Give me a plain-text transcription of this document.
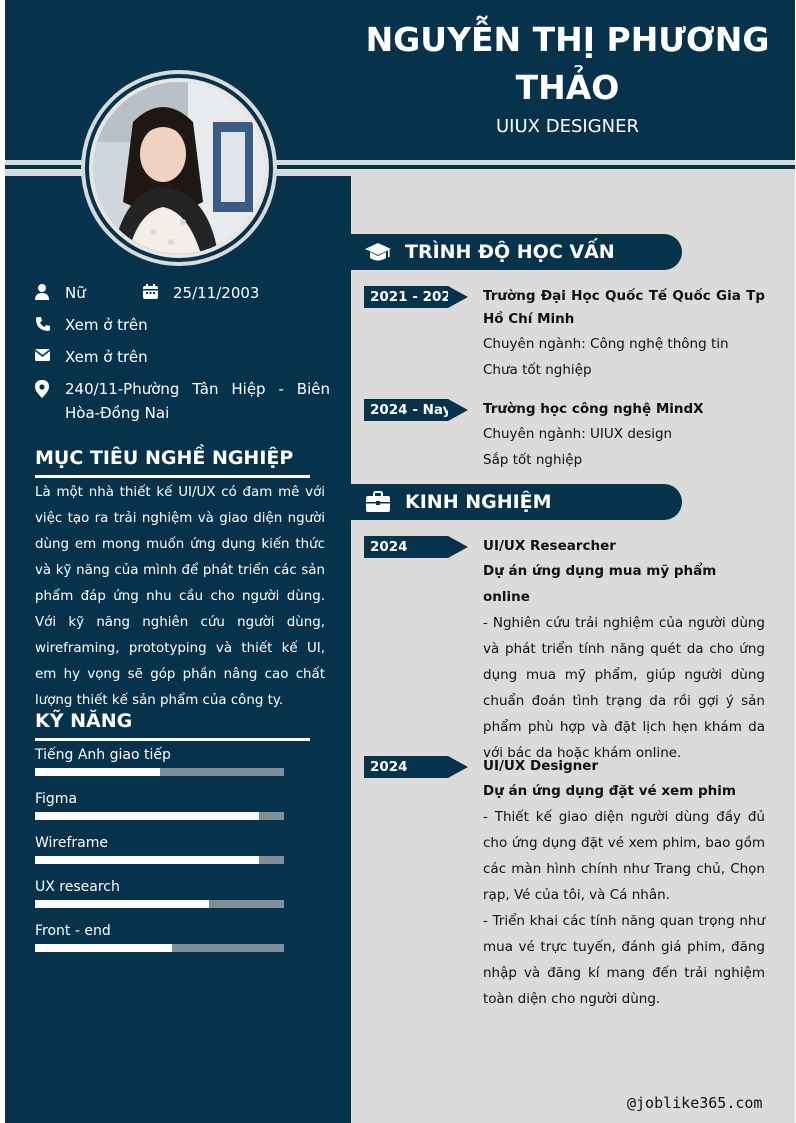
NGUYỄN THỊ PHƯƠNG
THẢO
UIUX DESIGNER
Nữ	25/11/2003
Xem ở trên
Xem ở trên
240/11-Phường Tân Hiệp - Biên Hòa-Đồng Nai
MỤC TIÊU NGHỀ NGHIỆP
Là một nhà thiết kế UI/UX có đam mê với việc tạo ra trải nghiệm và giao diện người dùng em mong muốn ứng dụng kiến thức và kỹ năng của mình để phát triển các sản phẩm đáp ứng nhu cầu cho người dùng. Với kỹ năng nghiên cứu người dùng, wireframing, prototyping và thiết kế UI, em hy vọng sẽ góp phần nâng cao chất lượng thiết kế sản phẩm của công ty.
KỸ NĂNG
Tiếng Anh giao tiếp
Figma
Wireframe
UX research
Front - end
TRÌNH ĐỘ HỌC VẤN
2021 - 2025 Trường Đại Học Quốc Tế Quốc Gia Tp Hồ Chí Minh
Chuyên ngành: Công nghệ thông tin
Chưa tốt nghiệp
2024 - Nay Trường học công nghệ MindX
Chuyên ngành: UIUX design
Sắp tốt nghiệp
KINH NGHIỆM
2024	UI/UX Researcher
Dự án ứng dụng mua mỹ phẩm online
- Nghiên cứu trải nghiệm của người dùng và phát triển tính năng quét da cho ứng dụng mua mỹ phẩm, giúp người dùng chuẩn đoán tình trạng da rồi gợi ý sản phẩm phù hợp và đặt lịch hẹn khám da với bác da hoặc khám online.
2024	UI/UX Designer
Dự án ứng dụng đặt vé xem phim
- Thiết kế giao diện người dùng đầy đủ cho ứng dụng đặt vé xem phim, bao gồm các màn hình chính như Trang chủ, Chọn rạp, Vé của tôi, và Cá nhân.
- Triển khai các tính năng quan trọng như mua vé trực tuyến, đánh giá phim, đăng nhập và đăng kí mang đến trải nghiệm toàn diện cho người dùng.
@joblike365.com
